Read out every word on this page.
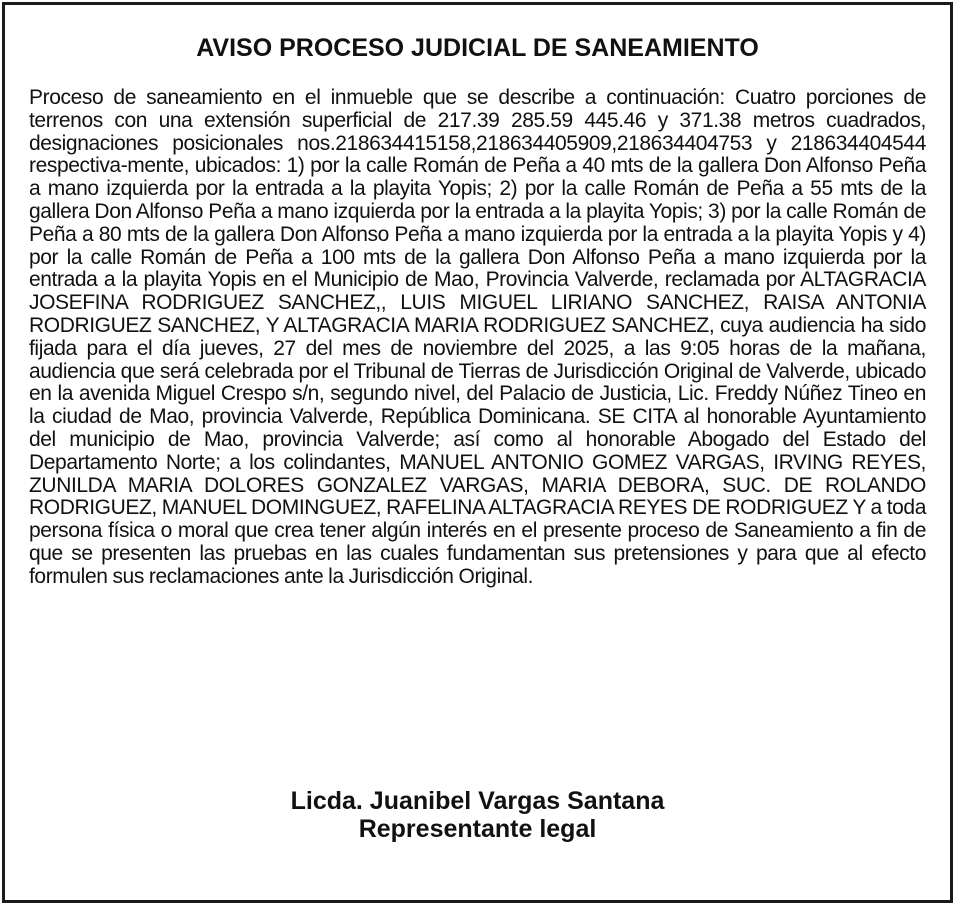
AVISO PROCESO JUDICIAL DE SANEAMIENTO
Proceso de saneamiento en el inmueble que se describe a continuación: Cuatro porciones de terrenos con una extensión superficial de 217.39 285.59 445.46 y 371.38 metros cuadrados, designaciones posicionales nos.218634415158,218634405909,218634404753 y 218634404544 respectiva-mente, ubicados: 1) por la calle Román de Peña a 40 mts de la gallera Don Alfonso Peña a mano izquierda por la entrada a la playita Yopis; 2) por la calle Román de Peña a 55 mts de la gallera Don Alfonso Peña a mano izquierda por la entrada a la playita Yopis; 3) por la calle Román de Peña a 80 mts de la gallera Don Alfonso Peña a mano izquierda por la entrada a la playita Yopis y 4) por la calle Román de Peña a 100 mts de la gallera Don Alfonso Peña a mano izquierda por la entrada a la playita Yopis en el Municipio de Mao, Provincia Valverde, reclamada por ALTAGRACIA JOSEFINA RODRIGUEZ SANCHEZ,, LUIS MIGUEL LIRIANO SANCHEZ, RAISA ANTONIA RODRIGUEZ SANCHEZ, Y ALTAGRACIA MARIA RODRIGUEZ SANCHEZ, cuya audiencia ha sido fijada para el día jueves, 27 del mes de noviembre del 2025, a las 9:05 horas de la mañana, audiencia que será celebrada por el Tribunal de Tierras de Jurisdicción Original de Valverde, ubicado en la avenida Miguel Crespo s/n, segundo nivel, del Palacio de Justicia, Lic. Freddy Núñez Tineo en la ciudad de Mao, provincia Valverde, República Dominicana. SE CITA al honorable Ayuntamiento del municipio de Mao, provincia Valverde; así como al honorable Abogado del Estado del Departamento Norte; a los colindantes, MANUEL ANTONIO GOMEZ VARGAS, IRVING REYES, ZUNILDA MARIA DOLORES GONZALEZ VARGAS, MARIA DEBORA, SUC. DE ROLANDO RODRIGUEZ, MANUEL DOMINGUEZ, RAFELINA ALTAGRACIA REYES DE RODRIGUEZ Y a toda persona física o moral que crea tener algún interés en el presente proceso de Saneamiento a fin de que se presenten las pruebas en las cuales fundamentan sus pretensiones y para que al efecto formulen sus reclamaciones ante la Jurisdicción Original.
Licda. Juanibel Vargas Santana
Representante legal
